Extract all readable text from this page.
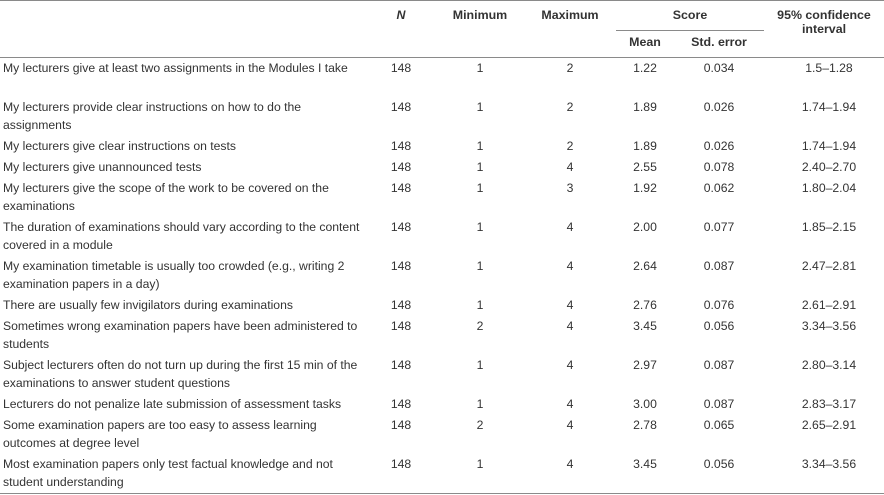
	N	Minimum	Maximum	Score		95% confidence
interval

				Mean	Std. error	
My lecturers give at least two assignments in the Modules I take	148	1	2	1.22	0.034	1.5–1.28
My lecturers provide clear instructions on how to do the assignments	148	1	2	1.89	0.026	1.74–1.94
My lecturers give clear instructions on tests	148	1	2	1.89	0.026	1.74–1.94
My lecturers give unannounced tests	148	1	4	2.55	0.078	2.40–2.70
My lecturers give the scope of the work to be covered on the examinations	148	1	3	1.92	0.062	1.80–2.04
The duration of examinations should vary according to the content covered in a module	148	1	4	2.00	0.077	1.85–2.15
My examination timetable is usually too crowded (e.g., writing 2 examination papers in a day)	148	1	4	2.64	0.087	2.47–2.81
There are usually few invigilators during examinations	148	1	4	2.76	0.076	2.61–2.91
Sometimes wrong examination papers have been administered to students	148	2	4	3.45	0.056	3.34–3.56
Subject lecturers often do not turn up during the first 15 min of the examinations to answer student questions	148	1	4	2.97	0.087	2.80–3.14
Lecturers do not penalize late submission of assessment tasks	148	1	4	3.00	0.087	2.83–3.17
Some examination papers are too easy to assess learning outcomes at degree level	148	2	4	2.78	0.065	2.65–2.91
Most examination papers only test factual knowledge and not student understanding	148	1	4	3.45	0.056	3.34–3.56
